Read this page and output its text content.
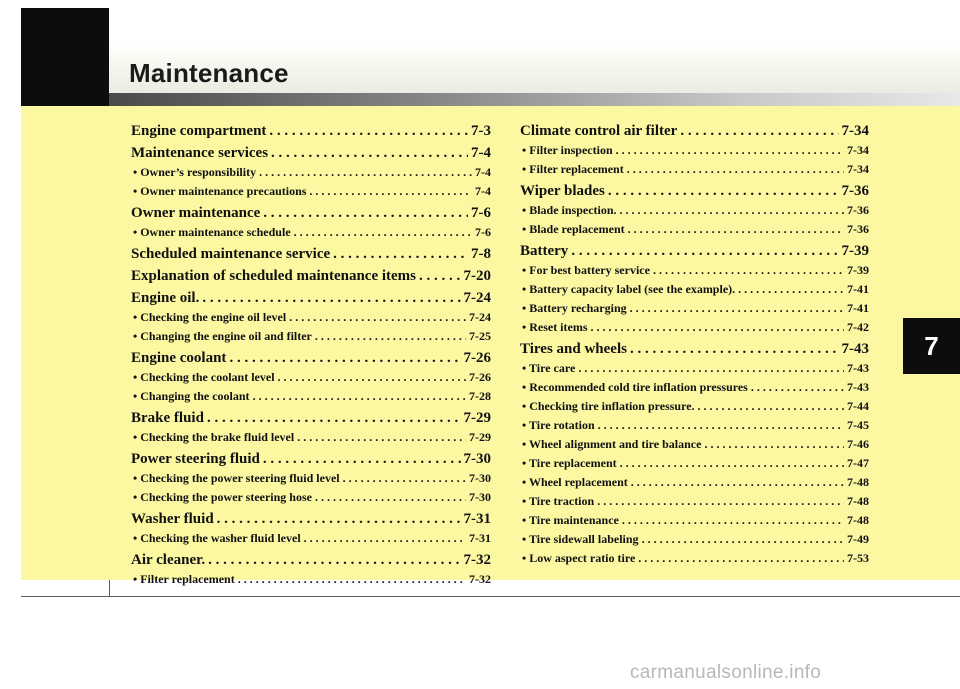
Maintenance
7
Engine compartment . . .	7-3
Maintenance services . . .	7-4
• Owner’s responsibility . . .	7-4
• Owner maintenance precautions . . .	7-4
Owner maintenance . . .	7-6
• Owner maintenance schedule . . .	7-6
Scheduled maintenance service . . .	7-8
Explanation of scheduled maintenance items . . .	7-20
Engine oil. . . .	7-24
• Checking the engine oil level . . .	7-24
• Changing the engine oil and filter . . .	7-25
Engine coolant . . .	7-26
• Checking the coolant level . . .	7-26
• Changing the coolant . . .	7-28
Brake fluid . . .	7-29
• Checking the brake fluid level . . .	7-29
Power steering fluid . . .	7-30
• Checking the power steering fluid level . . .	7-30
• Checking the power steering hose . . .	7-30
Washer fluid . . .	7-31
• Checking the washer fluid level . . .	7-31
Air cleaner. . . .	7-32
• Filter replacement . . .	7-32
Climate control air filter . . .	7-34
• Filter inspection . . .	7-34
• Filter replacement . . .	7-34
Wiper blades . . .	7-36
• Blade inspection. . . .	7-36
• Blade replacement . . .	7-36
Battery . . .	7-39
• For best battery service . . .	7-39
• Battery capacity label (see the example). . . .	7-41
• Battery recharging . . .	7-41
• Reset items . . .	7-42
Tires and wheels . . .	7-43
• Tire care . . .	7-43
• Recommended cold tire inflation pressures . . .	7-43
• Checking tire inflation pressure. . . .	7-44
• Tire rotation . . .	7-45
• Wheel alignment and tire balance . . .	7-46
• Tire replacement . . .	7-47
• Wheel replacement . . .	7-48
• Tire traction . . .	7-48
• Tire maintenance . . .	7-48
• Tire sidewall labeling . . .	7-49
• Low aspect ratio tire . . .	7-53
carmanualsonline.info
